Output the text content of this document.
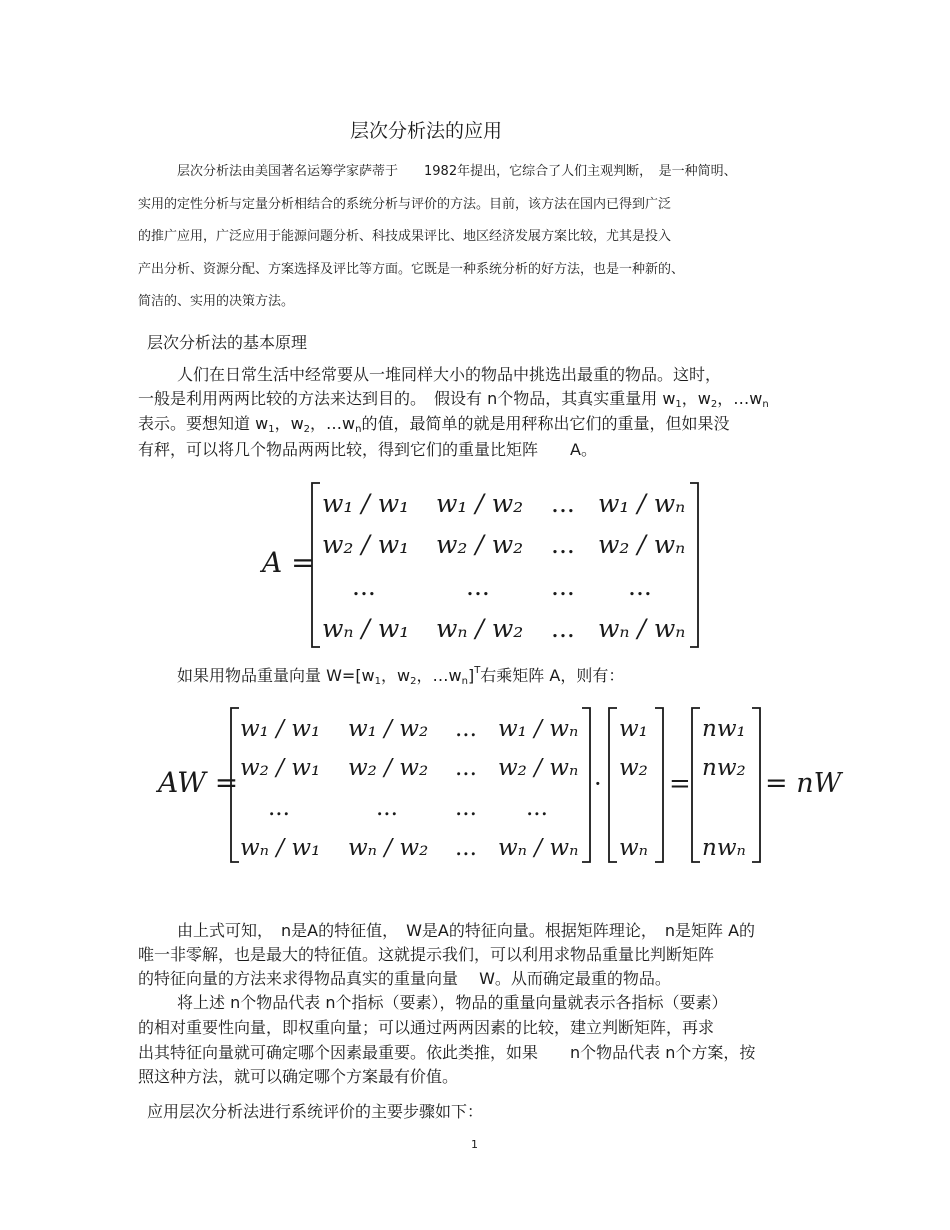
层次分析法的应用
层次分析法由美国著名运筹学家萨蒂于　　1982年提出，它综合了人们主观判断，　是一种简明、
实用的定性分析与定量分析相结合的系统分析与评价的方法。目前，该方法在国内已得到广泛
的推广应用，广泛应用于能源问题分析、科技成果评比、地区经济发展方案比较，尤其是投入
产出分析、资源分配、方案选择及评比等方面。它既是一种系统分析的好方法，也是一种新的、
简洁的、实用的决策方法。
层次分析法的基本原理
人们在日常生活中经常要从一堆同样大小的物品中挑选出最重的物品。这时，
一般是利用两两比较的方法来达到目的。　假设有 n个物品，其真实重量用 $w_1$，$w_2$，$\dots w_n$
表示。要想知道 $w_1$，$w_2$，$\dots w_n$的值，最简单的就是用秤称出它们的重量，但如果没
有秤，可以将几个物品两两比较，得到它们的重量比矩阵　　A。
A =
w₁ / w₁ w₁ / w₂ ... w₁ / wₙ
w₂ / w₁ w₂ / w₂ ... w₂ / wₙ
...	... ... ...
wₙ / w₁ wₙ / w₂ ... wₙ / wₙ
如果用物品重量向量 $W=[w_1$，$w_2$，$\dots w_n]^T$右乘矩阵 A，则有：
AW =
w₁ / w₁ w₁ / w₂ ... w₁ / wₙ
w₂ / w₁ w₂ / w₂ ... w₂ / wₙ
...	... ... ...
wₙ / w₁ wₙ / w₂ ... wₙ / wₙ
·
w₁
w₂
wₙ
=
nw₁
nw₂
nwₙ
= nW
由上式可知，　n是A的特征值，　W是A的特征向量。根据矩阵理论，　n是矩阵 A的
唯一非零解，也是最大的特征值。这就提示我们，可以利用求物品重量比判断矩阵
的特征向量的方法来求得物品真实的重量向量　 W。从而确定最重的物品。
将上述 n个物品代表 n个指标（要素），物品的重量向量就表示各指标（要素）
的相对重要性向量，即权重向量；可以通过两两因素的比较，建立判断矩阵，再求
出其特征向量就可确定哪个因素最重要。依此类推，如果　　n个物品代表 n个方案，按
照这种方法，就可以确定哪个方案最有价值。
应用层次分析法进行系统评价的主要步骤如下：
1
